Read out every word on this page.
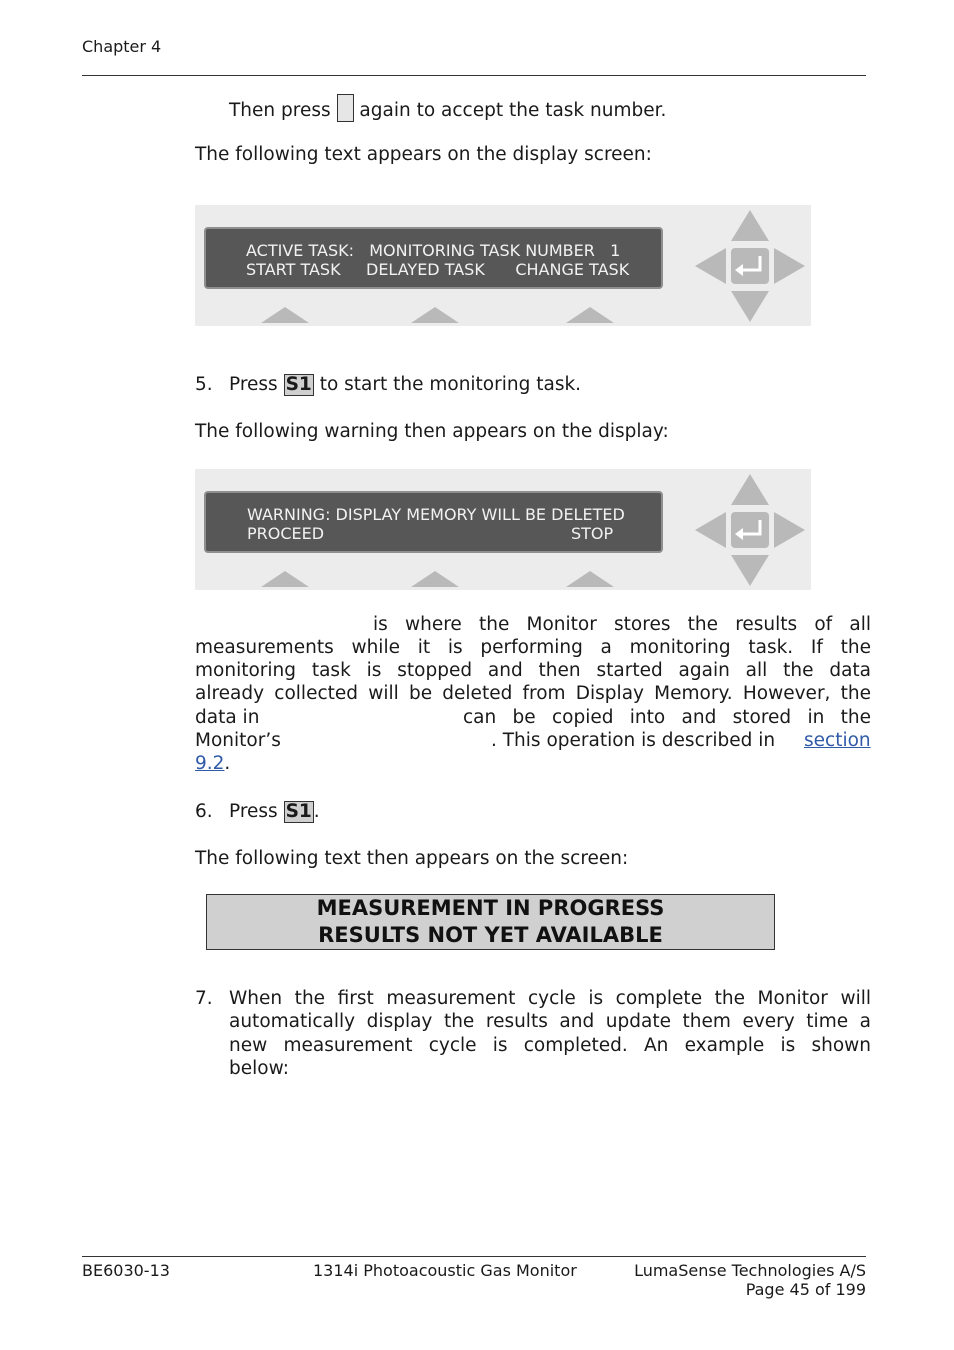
Chapter 4
Then press again to accept the task number.
The following text appears on the display screen:
ACTIVE TASK:   MONITORING TASK NUMBER   1
START TASK     DELAYED TASK      CHANGE TASK
5. Press S1 to start the monitoring task.
The following warning then appears on the display:
WARNING: DISPLAY MEMORY WILL BE DELETED
PROCEED	STOP
is where the Monitor stores the results of all
measurements while it is performing a monitoring task. If the
monitoring task is stopped and then started again all the data
already collected will be deleted from Display Memory. However, the
data in	can be copied into and stored in the
Monitor’s	. This operation is described in section
9.2.
6. Press S1 .
The following text then appears on the screen:
MEASUREMENT IN PROGRESS
RESULTS NOT YET AVAILABLE
7. When the first measurement cycle is complete the Monitor will
automatically display the results and update them every time a
new measurement cycle is completed. An example is shown
below:
BE6030-13	1314i Photoacoustic Gas Monitor	LumaSense Technologies A/S
Page 45 of 199
